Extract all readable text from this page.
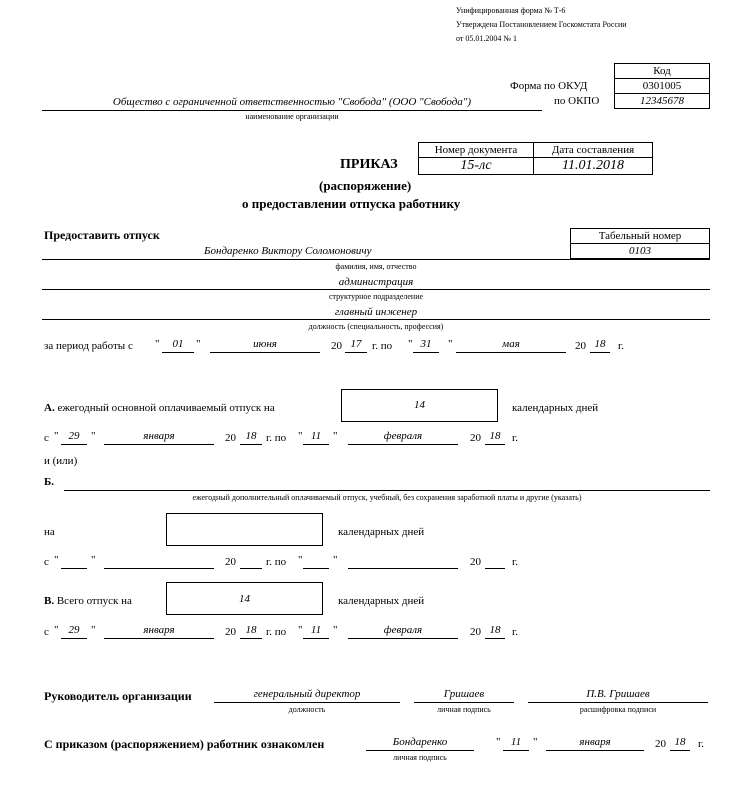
Унифицированная форма № Т-6
Утверждена Постановлением Госкомстата России
от 05.01.2004 № 1
Код
0301005
12345678
Форма по ОКУД
по ОКПО
Общество с ограниченной ответственностью "Свобода" (ООО "Свобода")
наименование организации
Номер документа	Дата составления
15-лс	11.01.2018
ПРИКАЗ
(распоряжение)
о предоставлении отпуска работнику
Предоставить отпуск	Табельный номер
0103
Бондаренко Виктору Соломоновичу
фамилия, имя, отчество
администрация
структурное подразделение
главный инженер
должность (специальность, профессия)
за период работы с "	01	"	июня	20 17 г. по " 31	"	мая	20 18	г.
А. ежегодный основной оплачиваемый отпуск на	14	календарных дней
с " 29	"	января	20 18 г. по " 11	"	февраля	20 18	г.
и (или)
Б.
ежегодный дополнительный оплачиваемый отпуск, учебный, без сохранения заработной платы и другие (указать)
на	календарных дней
с "	"	20	г. по "	"	20	г.
В. Всего отпуск на	14	календарных дней
с " 29	"	января	20 18 г. по " 11	"	февраля	20 18	г.
Руководитель организации	генеральный директор
должность
Гришаев
личная подпись
П.В. Гришаев
расшифровка подписи
С приказом (распоряжением) работник ознакомлен	Бондаренко
личная подпись
" 11	"	января	20 18	г.
